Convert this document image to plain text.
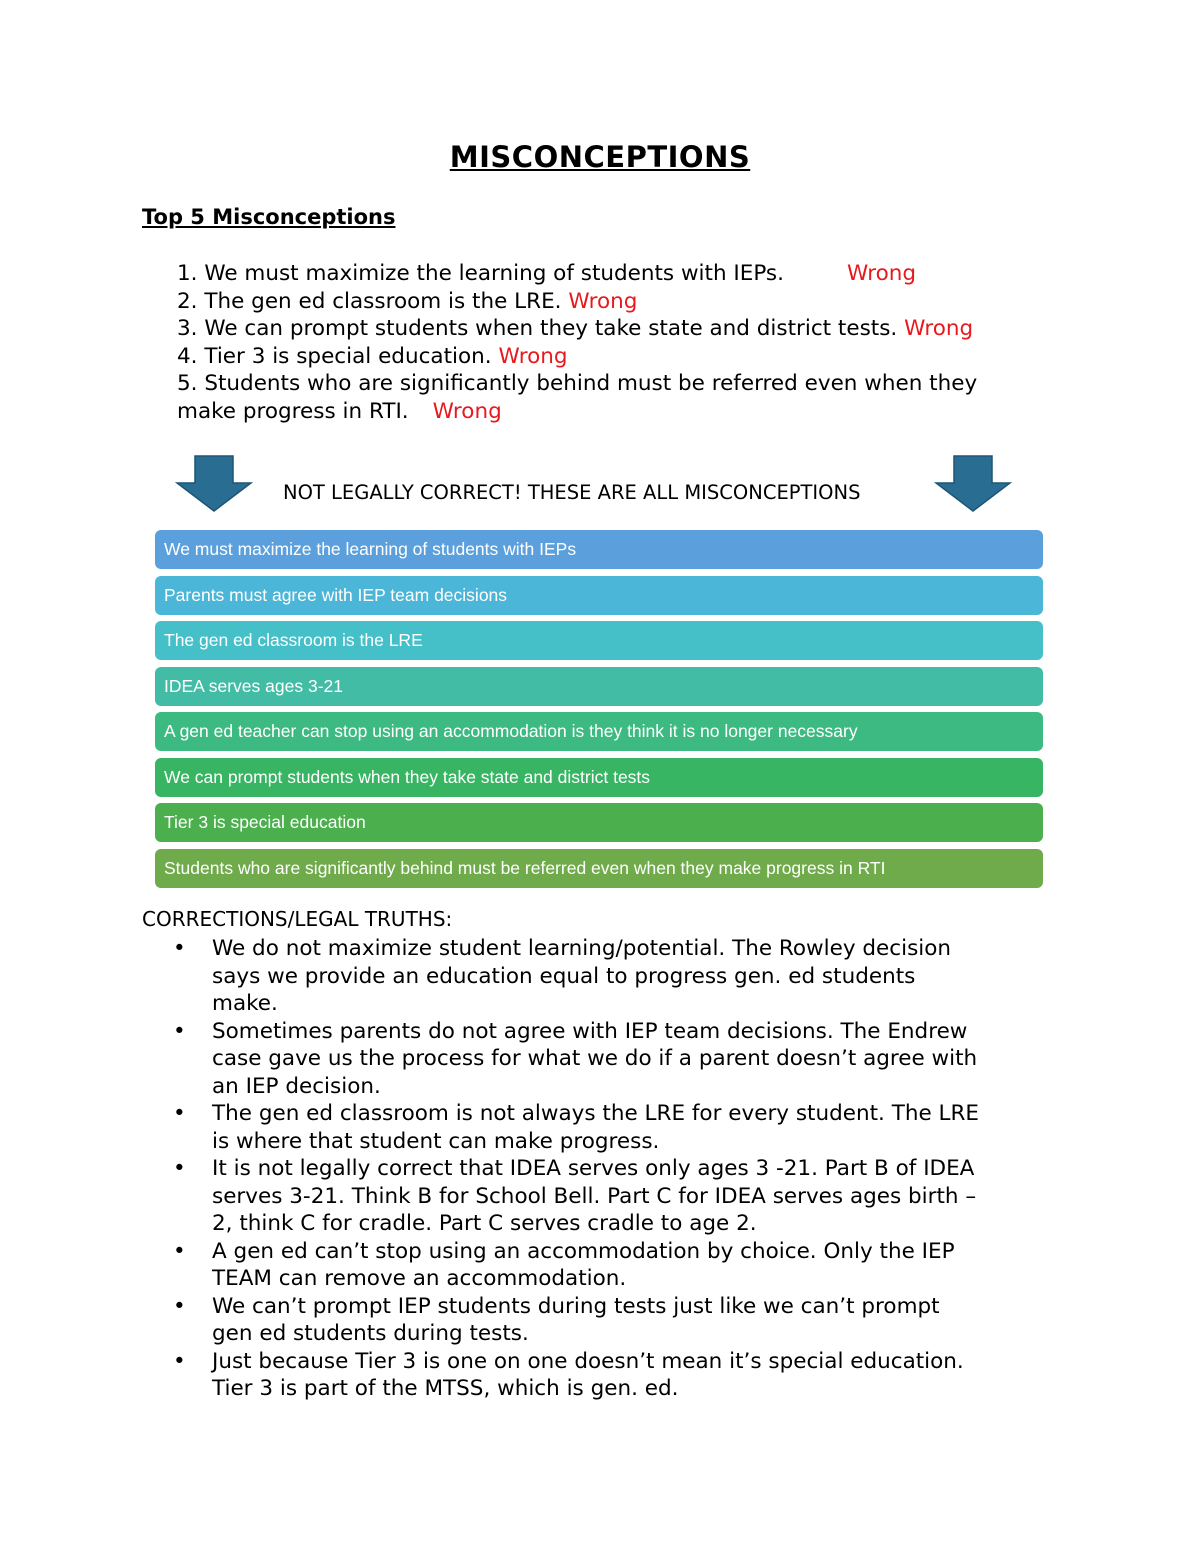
MISCONCEPTIONS
Top 5 Misconceptions
1. We must maximize the learning of students with IEPs.	Wrong
2. The gen ed classroom is the LRE. Wrong
3. We can prompt students when they take state and district tests. Wrong
4. Tier 3 is special education. Wrong
5. Students who are significantly behind must be referred even when they
make progress in RTI. Wrong
NOT LEGALLY CORRECT! THESE ARE ALL MISCONCEPTIONS
We must maximize the learning of students with IEPs
Parents must agree with IEP team decisions
The gen ed classroom is the LRE
IDEA serves ages 3-21
A gen ed teacher can stop using an accommodation is they think it is no longer necessary
We can prompt students when they take state and district tests
Tier 3 is special education
Students who are significantly behind must be referred even when they make progress in RTI
CORRECTIONS/LEGAL TRUTHS:
• We do not maximize student learning/potential. The Rowley decision
says we provide an education equal to progress gen. ed students
make.
• Sometimes parents do not agree with IEP team decisions. The Endrew
case gave us the process for what we do if a parent doesn’t agree with
an IEP decision.
• The gen ed classroom is not always the LRE for every student. The LRE
is where that student can make progress.
• It is not legally correct that IDEA serves only ages 3 -21. Part B of IDEA
serves 3-21. Think B for School Bell. Part C for IDEA serves ages birth –
2, think C for cradle. Part C serves cradle to age 2.
• A gen ed can’t stop using an accommodation by choice. Only the IEP
TEAM can remove an accommodation.
• We can’t prompt IEP students during tests just like we can’t prompt
gen ed students during tests.
• Just because Tier 3 is one on one doesn’t mean it’s special education.
Tier 3 is part of the MTSS, which is gen. ed.
